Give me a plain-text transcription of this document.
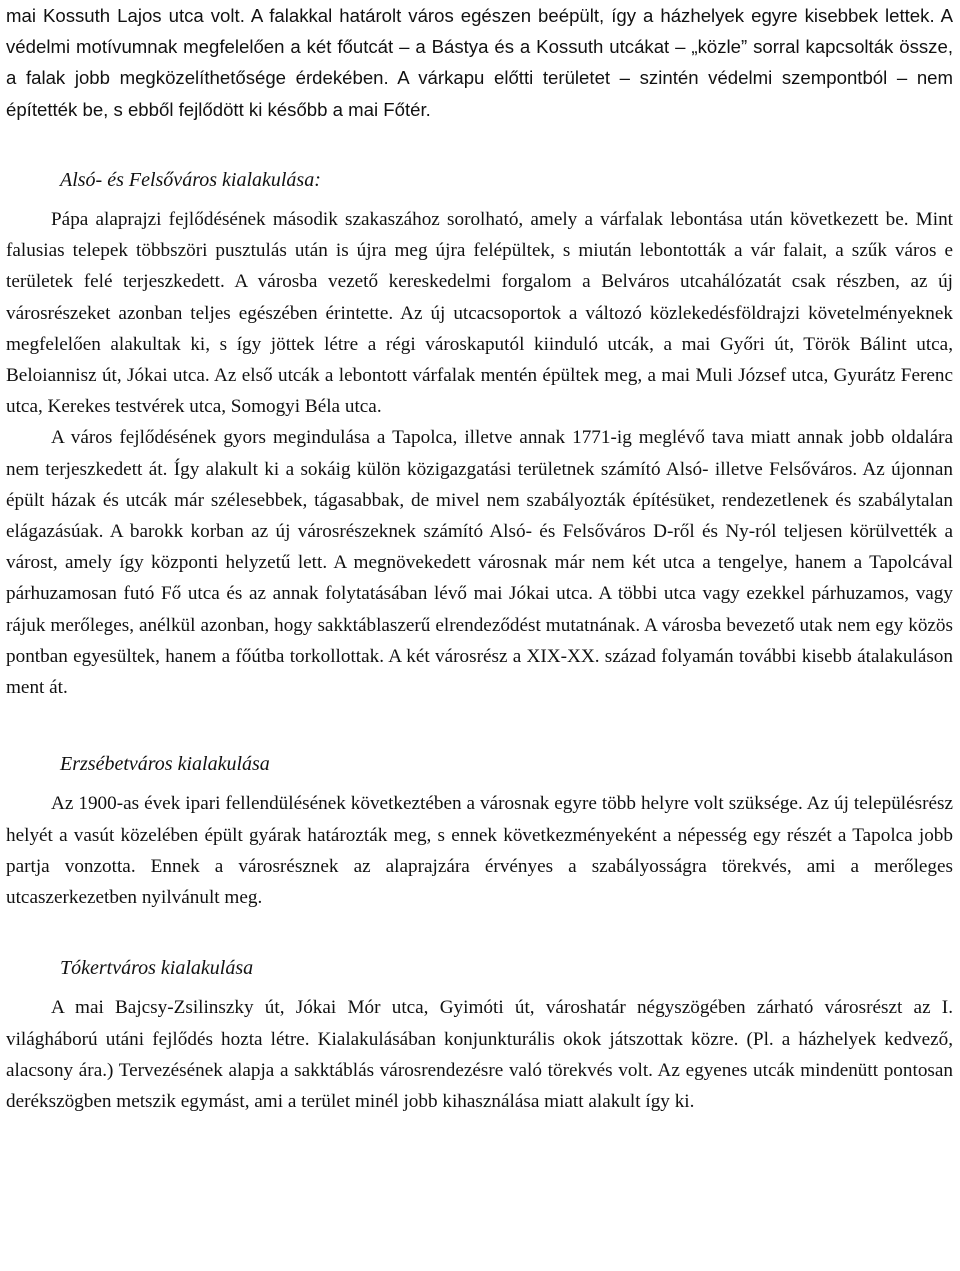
mai Kossuth Lajos utca volt. A falakkal határolt város egészen beépült, így a házhelyek egyre kisebbek lettek. A védelmi motívumnak megfelelően a két főutcát – a Bástya és a Kossuth utcákat – „közle” sorral kapcsolták össze, a falak jobb megközelíthetősége érdekében. A várkapu előtti területet – szintén védelmi szempontból – nem építették be, s ebből fejlődött ki később a mai Főtér.

Alsó- és Felsőváros kialakulása:

Pápa alaprajzi fejlődésének második szakaszához sorolható, amely a várfalak lebontása után következett be. Mint falusias telepek többszöri pusztulás után is újra meg újra felépültek, s miután lebontották a vár falait, a szűk város e területek felé terjeszkedett. A városba vezető kereskedelmi forgalom a Belváros utcahálózatát csak részben, az új városrészeket azonban teljes egészében érintette. Az új utcacsoportok a változó közlekedésföldrajzi követelményeknek megfelelően alakultak ki, s így jöttek létre a régi városkaputól kiinduló utcák, a mai Győri út, Török Bálint utca, Beloiannisz út, Jókai utca. Az első utcák a lebontott várfalak mentén épültek meg, a mai Muli József utca, Gyurátz Ferenc utca, Kerekes testvérek utca, Somogyi Béla utca.

A város fejlődésének gyors megindulása a Tapolca, illetve annak 1771-ig meglévő tava miatt annak jobb oldalára nem terjeszkedett át. Így alakult ki a sokáig külön közigazgatási területnek számító Alsó- illetve Felsőváros. Az újonnan épült házak és utcák már szélesebbek, tágasabbak, de mivel nem szabályozták építésüket, rendezetlenek és szabálytalan elágazásúak. A barokk korban az új városrészeknek számító Alsó- és Felsőváros D-ről és Ny-ról teljesen körülvették a várost, amely így központi helyzetű lett. A megnövekedett városnak már nem két utca a tengelye, hanem a Tapolcával párhuzamosan futó Fő utca és az annak folytatásában lévő mai Jókai utca. A többi utca vagy ezekkel párhuzamos, vagy rájuk merőleges, anélkül azonban, hogy sakktáblaszerű elrendeződést mutatnának. A városba bevezető utak nem egy közös pontban egyesültek, hanem a főútba torkollottak. A két városrész a XIX-XX. század folyamán további kisebb átalakuláson ment át.

Erzsébetváros kialakulása

Az 1900-as évek ipari fellendülésének következtében a városnak egyre több helyre volt szüksége. Az új településrész helyét a vasút közelében épült gyárak határozták meg, s ennek következményeként a népesség egy részét a Tapolca jobb partja vonzotta. Ennek a városrésznek az alaprajzára érvényes a szabályosságra törekvés, ami a merőleges utcaszerkezetben nyilvánult meg.

Tókertváros kialakulása

A mai Bajcsy-Zsilinszky út, Jókai Mór utca, Gyimóti út, városhatár négyszögében zárható városrészt az I. világháború utáni fejlődés hozta létre. Kialakulásában konjunkturális okok játszottak közre. (Pl. a házhelyek kedvező, alacsony ára.) Tervezésének alapja a sakktáblás városrendezésre való törekvés volt. Az egyenes utcák mindenütt pontosan derékszögben metszik egymást, ami a terület minél jobb kihasználása miatt alakult így ki.
